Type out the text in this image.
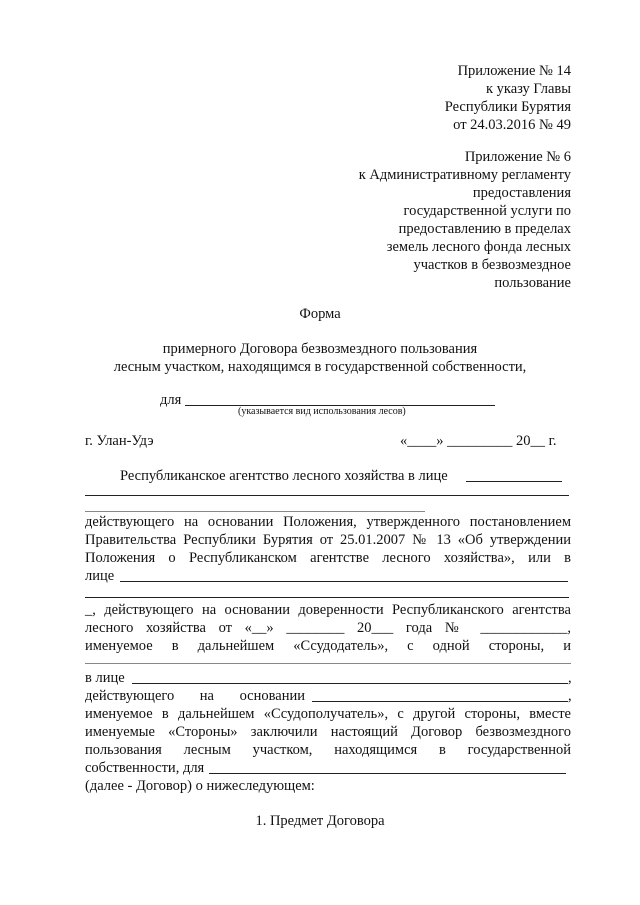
Приложение № 14
к указу Главы
Республики Бурятия
от 24.03.2016 № 49
Приложение № 6
к Административному регламенту
предоставления
государственной услуги по
предоставлению в пределах
земель лесного фонда лесных
участков в безвозмездное
пользование
Форма
примерного Договора безвозмездного пользования
лесным участком, находящимся в государственной собственности,
для
(указывается вид использования лесов)
г. Улан-Удэ	«____» _________ 20__ г.
Республиканское агентство лесного хозяйства в лице
действующего на основании Положения, утвержденного постановлением
Правительства Республики Бурятия от 25.01.2007 № 13 «Об утверждении
Положения о Республиканском агентстве лесного хозяйства», или в
лице
_, действующего на основании доверенности Республиканского агентства
лесного хозяйства от «__» ________ 20___ года № ____________,
именуемое в дальнейшем «Ссудодатель», с одной стороны, и
в лице	,
действующего на основании	,
именуемое в дальнейшем «Ссудополучатель», с другой стороны, вместе
именуемые «Стороны» заключили настоящий Договор безвозмездного
пользования лесным участком, находящимся в государственной
собственности, для
(далее - Договор) о нижеследующем:
1. Предмет Договора
